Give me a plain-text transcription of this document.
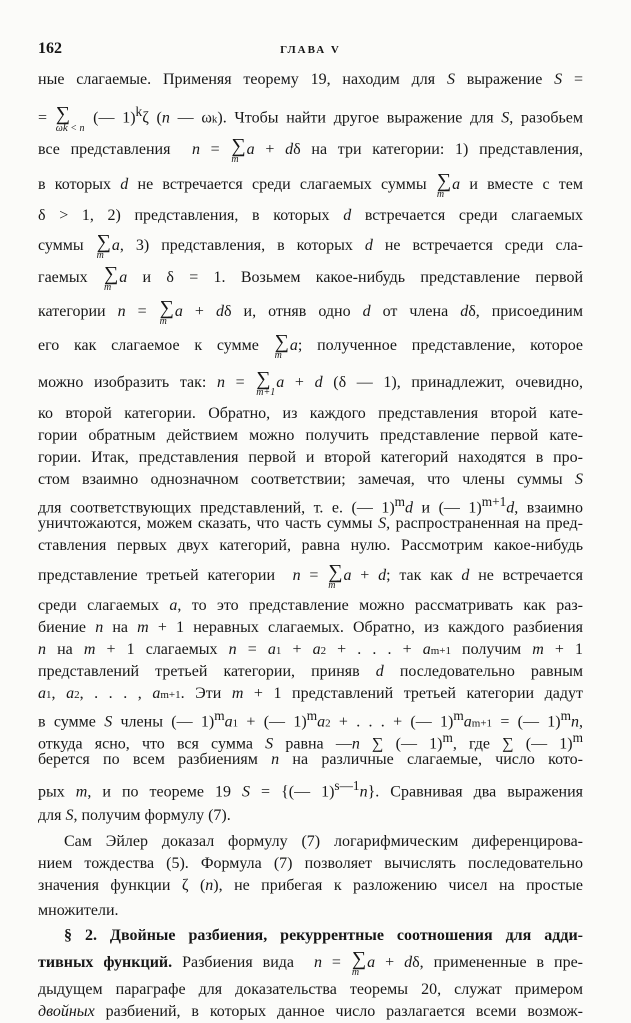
162	ГЛАВА V
ные слагаемые. Применяя теорему 19, находим для S выражение S =
= ∑
ωk < n
(— 1)$^k$ζ (n — ωk). Чтобы найти другое выражение для S, разобьем
все представления  n = ∑
m
a + dδ на три категории: 1) представления,
в которых d не встречается среди слагаемых суммы ∑
m
a и вместе с тем
δ > 1, 2) представления, в которых d встречается среди слагаемых
суммы ∑
m
a, 3) представления, в которых d не встречается среди сла-
гаемых ∑
m
a и δ = 1. Возьмем какое-нибудь представление первой
категории n = ∑
m
a + dδ и, отняв одно d от члена dδ, присоединим
его как слагаемое к сумме ∑
m
a; полученное представление, которое
можно изобразить так: n = ∑
m+1
a + d (δ — 1), принадлежит, очевидно,
ко второй категории. Обратно, из каждого представления второй кате-
гории обратным действием можно получить представление первой кате-
гории. Итак, представления первой и второй категорий находятся в про-
стом взаимно однозначном соответствии; замечая, что члены суммы S
для соответствующих представлений, т. е. (— 1)$^m$d и (— 1)$^{m+1}$d, взаимно
уничтожаются, можем сказать, что часть суммы S, распространенная на пред-
ставления первых двух категорий, равна нулю. Рассмотрим какое-нибудь
представление третьей категории  n = ∑
m
a + d; так как d не встречается
среди слагаемых a, то это представление можно рассматривать как раз-
биение n на m + 1 неравных слагаемых. Обратно, из каждого разбиения
n на m + 1 слагаемых n = a1 + a2 + . . . + am+1 получим m + 1
представлений третьей категории, приняв d последовательно равным
a1, a2, . . . , am+1. Эти m + 1 представлений третьей категории дадут
в сумме S члены (— 1)$^m$a1 + (— 1)$^m$a2 + . . . + (— 1)$^m$am+1 = (— 1)$^m$n,
откуда ясно, что вся сумма S равна —n ∑ (— 1)$^m$, где ∑ (— 1)$^m$
берется по всем разбиениям n на различные слагаемые, число кото-
рых m, и по теореме 19 S = {(— 1)$^{s—1}$n}. Сравнивая два выражения
для S, получим формулу (7).
Сам Эйлер доказал формулу (7) логарифмическим диференцирова-
нием тождества (5). Формула (7) позволяет вычислять последовательно
значения функции ζ (n), не прибегая к разложению чисел на простые
множители.
§ 2. Двойные разбиения, рекуррентные соотношения для адди-
тивных функций. Разбиения вида  n = ∑
m
a + dδ, примененные в пре-
дыдущем параграфе для доказательства теоремы 20, служат примером
двойных разбиений, в которых данное число разлагается всеми возмож-
